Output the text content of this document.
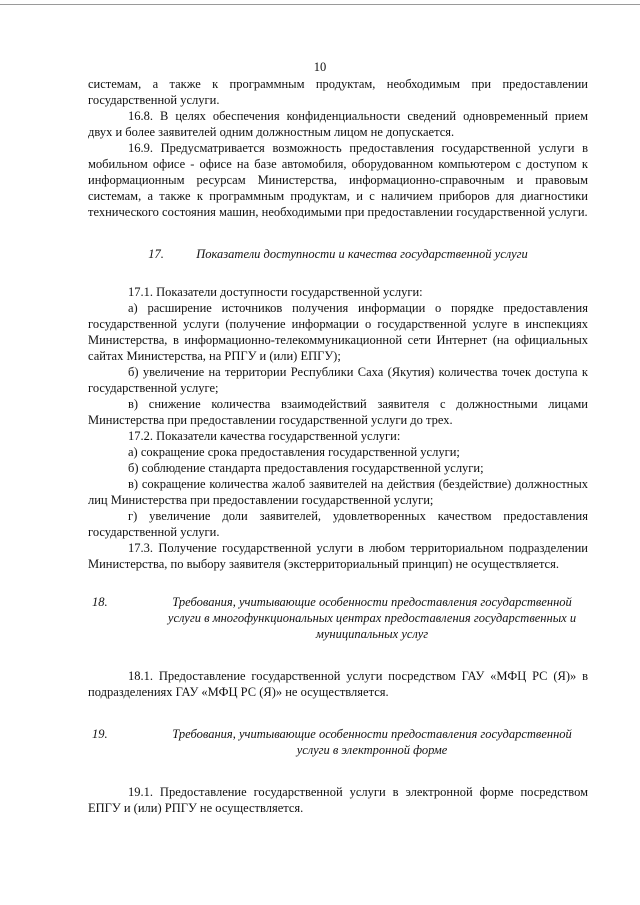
10

системам, а также к программным продуктам, необходимым при предоставлении государственной услуги.

16.8. В целях обеспечения конфиденциальности сведений одновременный прием двух и более заявителей одним должностным лицом не допускается.

16.9. Предусматривается возможность предоставления государственной услуги в мобильном офисе - офисе на базе автомобиля, оборудованном компьютером с доступом к информационным ресурсам Министерства, информационно-справочным и правовым системам, а также к программным продуктам, и с наличием приборов для диагностики технического состояния машин, необходимыми при предоставлении государственной услуги.

17.	Показатели доступности и качества государственной услуги

17.1. Показатели доступности государственной услуги:

а) расширение источников получения информации о порядке предоставления государственной услуги (получение информации о государственной услуге в инспекциях Министерства, в информационно-телекоммуникационной сети Интернет (на официальных сайтах Министерства, на РПГУ и (или) ЕПГУ);

б) увеличение на территории Республики Саха (Якутия) количества точек доступа к государственной услуге;

в) снижение количества взаимодействий заявителя с должностными лицами Министерства при предоставлении государственной услуги до трех.

17.2. Показатели качества государственной услуги:

а) сокращение срока предоставления государственной услуги;

б) соблюдение стандарта предоставления государственной услуги;

в) сокращение количества жалоб заявителей на действия (бездействие) должностных лиц Министерства при предоставлении государственной услуги;

г) увеличение доли заявителей, удовлетворенных качеством предоставления государственной услуги.

17.3. Получение государственной услуги в любом территориальном подразделении Министерства, по выбору заявителя (экстерриториальный принцип) не осуществляется.

18.	Требования, учитывающие особенности предоставления государственной услуги в многофункциональных центрах предоставления государственных и муниципальных услуг

18.1. Предоставление государственной услуги посредством ГАУ «МФЦ РС (Я)» в подразделениях ГАУ «МФЦ РС (Я)» не осуществляется.

19.	Требования, учитывающие особенности предоставления государственной услуги в электронной форме

19.1. Предоставление государственной услуги в электронной форме посредством ЕПГУ и (или) РПГУ не осуществляется.
